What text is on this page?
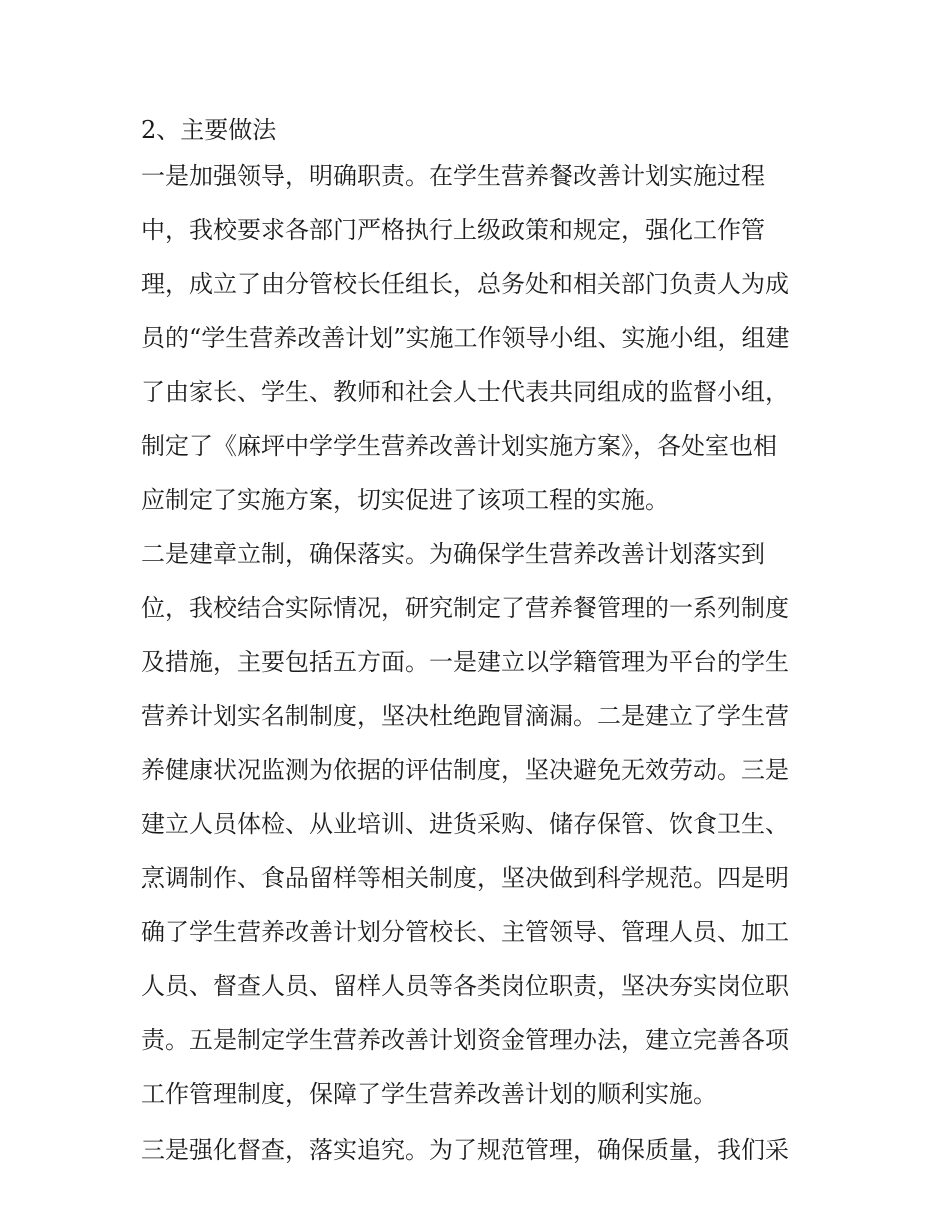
2、主要做法
一是加强领导，明确职责。在学生营养餐改善计划实施过程
中，我校要求各部门严格执行上级政策和规定，强化工作管
理，成立了由分管校长任组长，总务处和相关部门负责人为成
员的“学生营养改善计划”实施工作领导小组、实施小组，组建
了由家长、学生、教师和社会人士代表共同组成的监督小组，
制定了《麻坪中学学生营养改善计划实施方案》，各处室也相
应制定了实施方案，切实促进了该项工程的实施。
二是建章立制，确保落实。为确保学生营养改善计划落实到
位，我校结合实际情况，研究制定了营养餐管理的一系列制度
及措施，主要包括五方面。一是建立以学籍管理为平台的学生
营养计划实名制制度，坚决杜绝跑冒滴漏。二是建立了学生营
养健康状况监测为依据的评估制度，坚决避免无效劳动。三是
建立人员体检、从业培训、进货采购、储存保管、饮食卫生、
烹调制作、食品留样等相关制度，坚决做到科学规范。四是明
确了学生营养改善计划分管校长、主管领导、管理人员、加工
人员、督查人员、留样人员等各类岗位职责，坚决夯实岗位职
责。五是制定学生营养改善计划资金管理办法，建立完善各项
工作管理制度，保障了学生营养改善计划的顺利实施。
三是强化督查，落实追究。为了规范管理，确保质量，我们采
